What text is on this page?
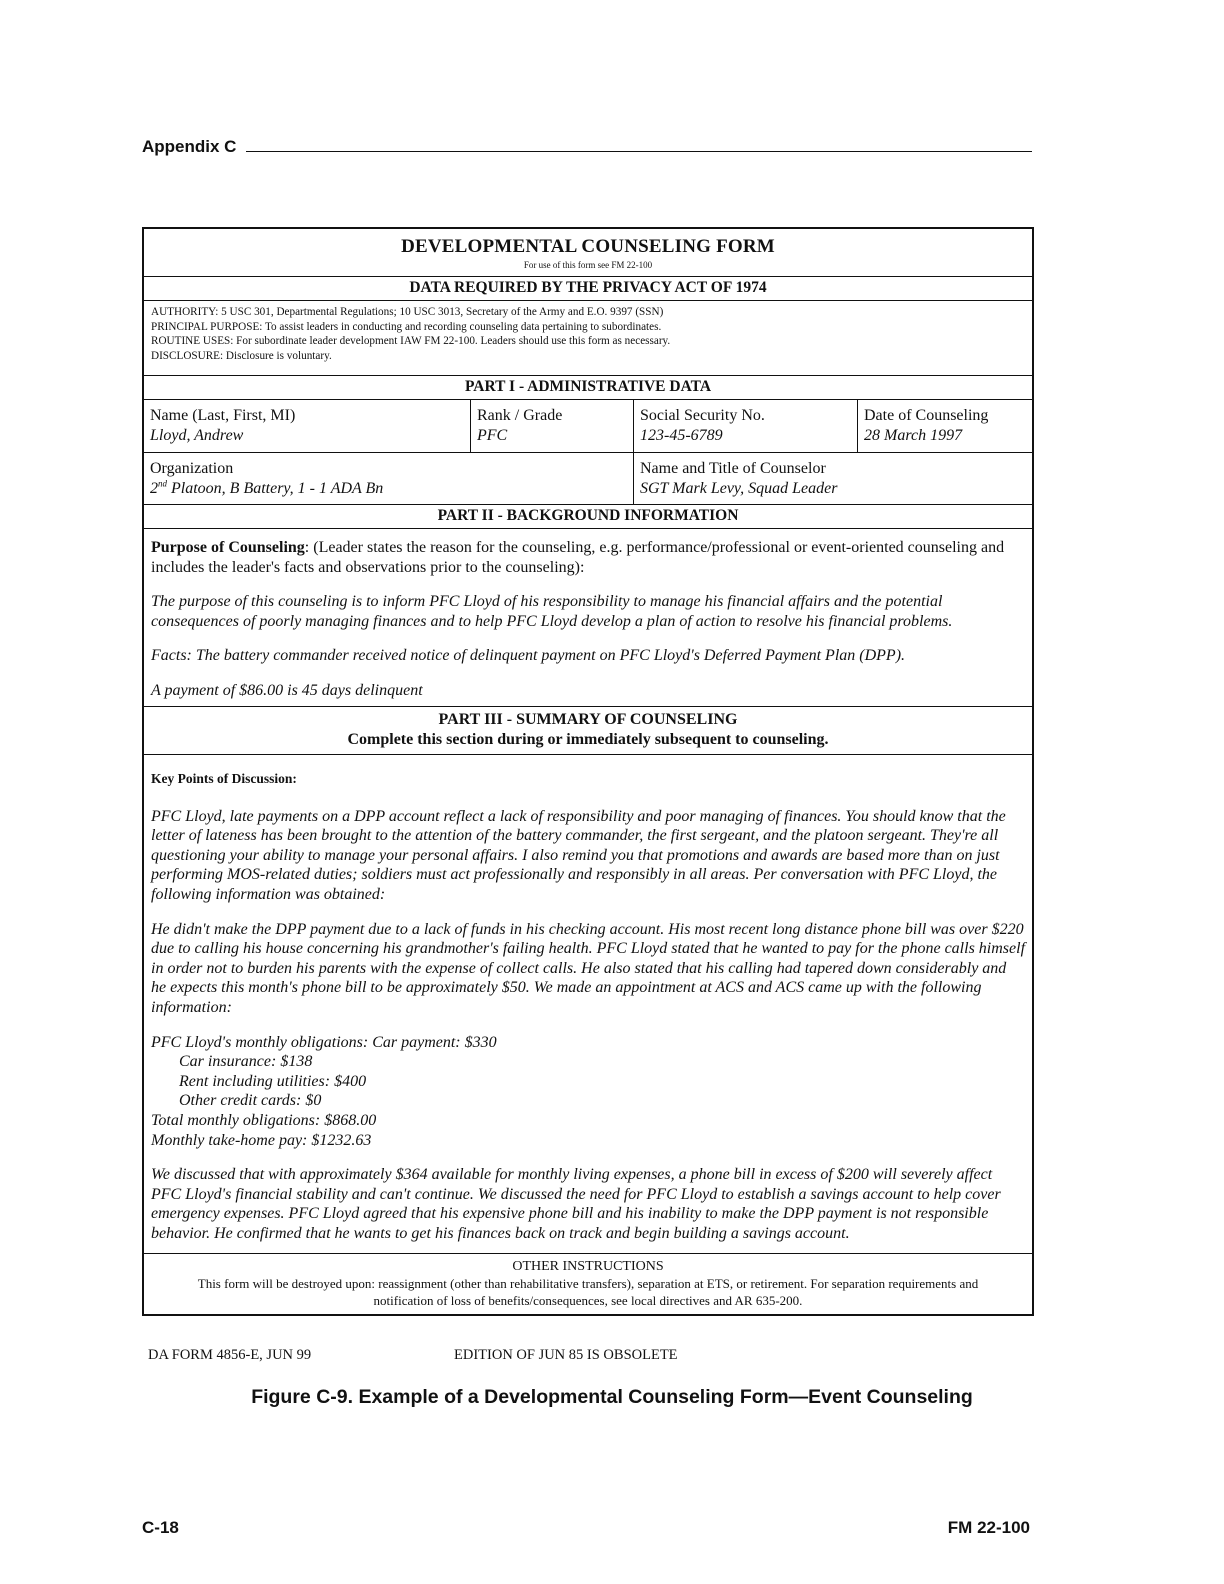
Appendix C
DEVELOPMENTAL COUNSELING FORM
For use of this form see FM 22-100
DATA REQUIRED BY THE PRIVACY ACT OF 1974
AUTHORITY: 5 USC 301, Departmental Regulations; 10 USC 3013, Secretary of the Army and E.O. 9397 (SSN)
PRINCIPAL PURPOSE: To assist leaders in conducting and recording counseling data pertaining to subordinates.
ROUTINE USES: For subordinate leader development IAW FM 22-100. Leaders should use this form as necessary.
DISCLOSURE: Disclosure is voluntary.
PART I - ADMINISTRATIVE DATA
Name (Last, First, MI)
Lloyd, Andrew
Rank / Grade
PFC
Social Security No.
123-45-6789
Date of Counseling
28 March 1997
Organization
2nd Platoon, B Battery, 1 - 1 ADA Bn
Name and Title of Counselor
SGT Mark Levy, Squad Leader
PART II - BACKGROUND INFORMATION

Purpose of Counseling: (Leader states the reason for the counseling, e.g. performance/professional or event-oriented counseling and includes the leader's facts and observations prior to the counseling):

The purpose of this counseling is to inform PFC Lloyd of his responsibility to manage his financial affairs and the potential consequences of poorly managing finances and to help PFC Lloyd develop a plan of action to resolve his financial problems.

Facts: The battery commander received notice of delinquent payment on PFC Lloyd's Deferred Payment Plan (DPP).

A payment of $86.00 is 45 days delinquent

PART III - SUMMARY OF COUNSELING
Complete this section during or immediately subsequent to counseling.

Key Points of Discussion:

PFC Lloyd, late payments on a DPP account reflect a lack of responsibility and poor managing of finances. You should know that the letter of lateness has been brought to the attention of the battery commander, the first sergeant, and the platoon sergeant. They're all questioning your ability to manage your personal affairs. I also remind you that promotions and awards are based more than on just performing MOS-related duties; soldiers must act professionally and responsibly in all areas. Per conversation with PFC Lloyd, the following information was obtained:

He didn't make the DPP payment due to a lack of funds in his checking account. His most recent long distance phone bill was over $220 due to calling his house concerning his grandmother's failing health. PFC Lloyd stated that he wanted to pay for the phone calls himself in order not to burden his parents with the expense of collect calls. He also stated that his calling had tapered down considerably and he expects this month's phone bill to be approximately $50. We made an appointment at ACS and ACS came up with the following information:

PFC Lloyd's monthly obligations: Car payment: $330
Car insurance: $138
Rent including utilities: $400
Other credit cards: $0
Total monthly obligations: $868.00
Monthly take-home pay: $1232.63

We discussed that with approximately $364 available for monthly living expenses, a phone bill in excess of $200 will severely affect PFC Lloyd's financial stability and can't continue. We discussed the need for PFC Lloyd to establish a savings account to help cover emergency expenses. PFC Lloyd agreed that his expensive phone bill and his inability to make the DPP payment is not responsible behavior. He confirmed that he wants to get his finances back on track and begin building a savings account.

OTHER INSTRUCTIONS
This form will be destroyed upon: reassignment (other than rehabilitative transfers), separation at ETS, or retirement. For separation requirements and notification of loss of benefits/consequences, see local directives and AR 635-200.
DA FORM 4856-E, JUN 99	EDITION OF JUN 85 IS OBSOLETE
Figure C-9. Example of a Developmental Counseling Form—Event Counseling
C-18	FM 22-100
